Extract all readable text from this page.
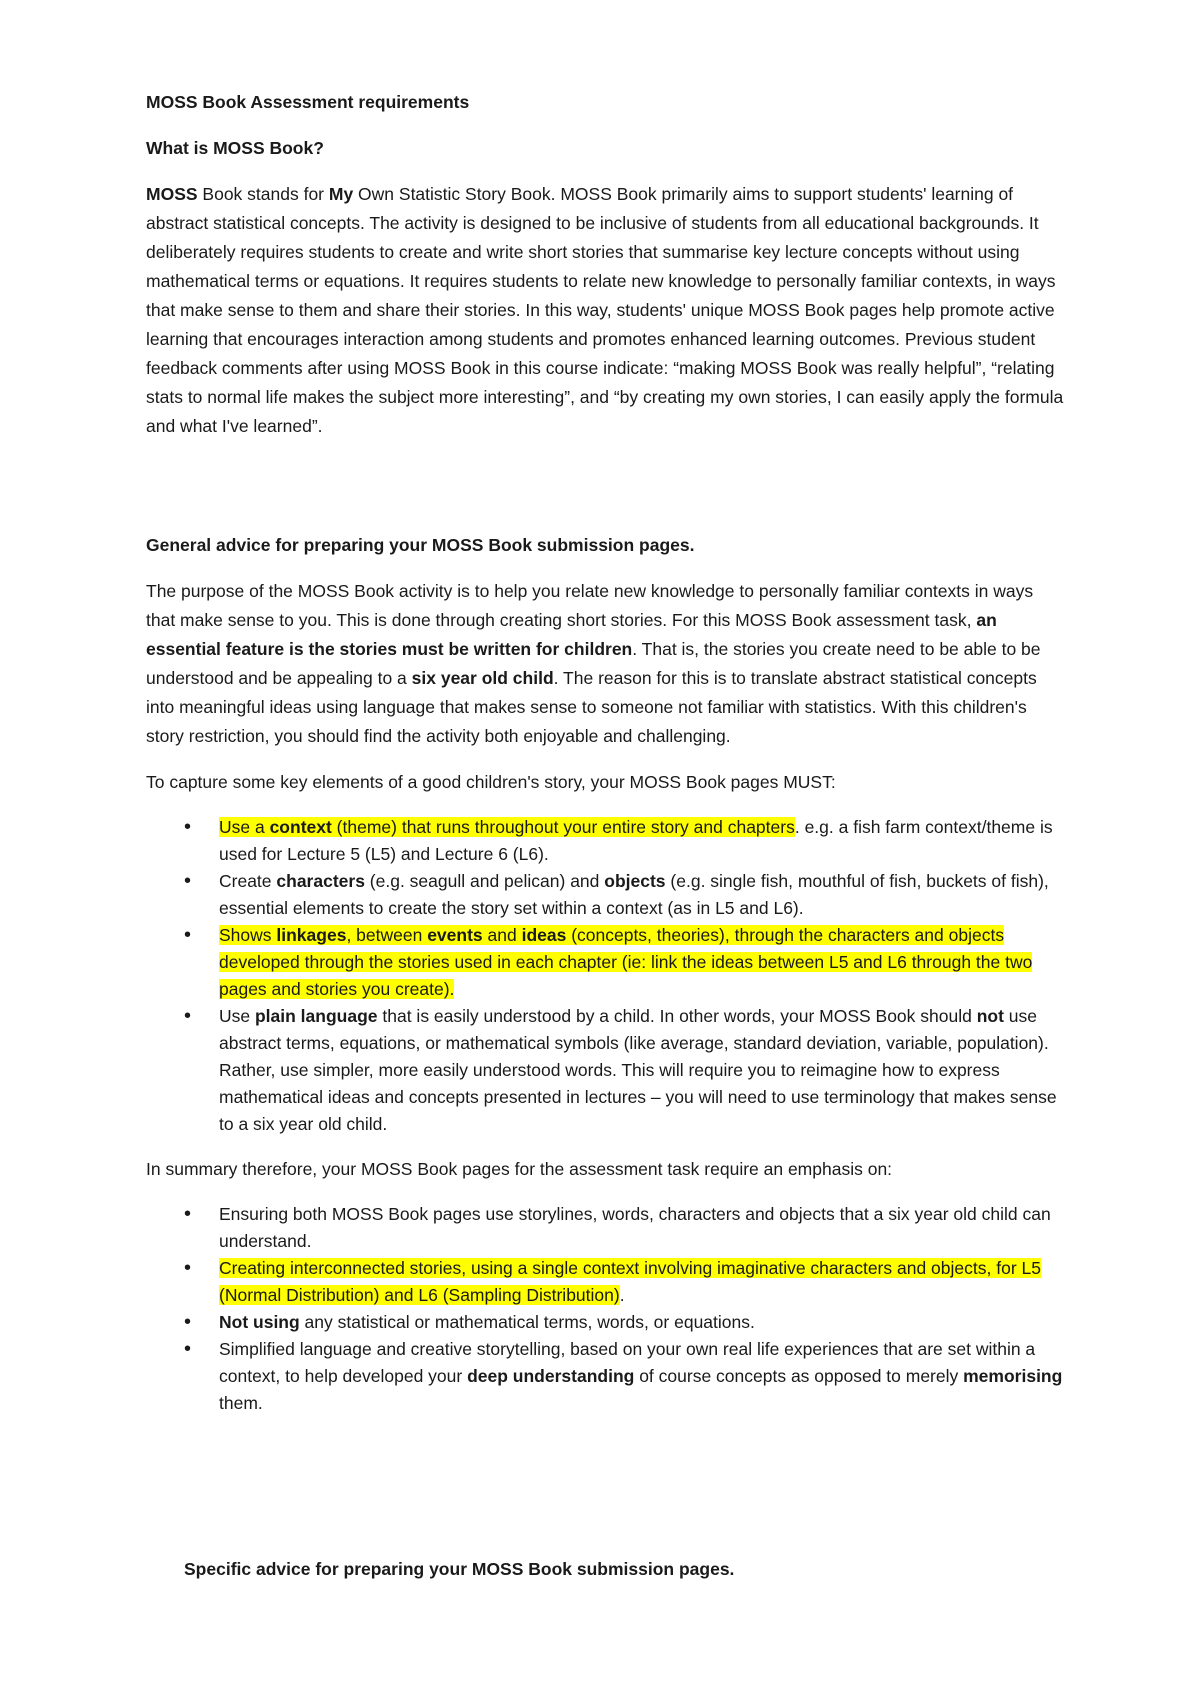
MOSS Book Assessment requirements

What is MOSS Book?

MOSS Book stands for My Own Statistic Story Book. MOSS Book primarily aims to support students' learning of abstract statistical concepts. The activity is designed to be inclusive of students from all educational backgrounds. It deliberately requires students to create and write short stories that summarise key lecture concepts without using mathematical terms or equations. It requires students to relate new knowledge to personally familiar contexts, in ways that make sense to them and share their stories. In this way, students' unique MOSS Book pages help promote active learning that encourages interaction among students and promotes enhanced learning outcomes. Previous student feedback comments after using MOSS Book in this course indicate: “making MOSS Book was really helpful”, “relating stats to normal life makes the subject more interesting”, and “by creating my own stories, I can easily apply the formula and what I've learned”.

General advice for preparing your MOSS Book submission pages.

The purpose of the MOSS Book activity is to help you relate new knowledge to personally familiar contexts in ways that make sense to you. This is done through creating short stories. For this MOSS Book assessment task, an essential feature is the stories must be written for children. That is, the stories you create need to be able to be understood and be appealing to a six year old child. The reason for this is to translate abstract statistical concepts into meaningful ideas using language that makes sense to someone not familiar with statistics. With this children's story restriction, you should find the activity both enjoyable and challenging.

To capture some key elements of a good children's story, your MOSS Book pages MUST:

• Use a context (theme) that runs throughout your entire story and chapters. e.g. a fish farm context/theme is used for Lecture 5 (L5) and Lecture 6 (L6).
• Create characters (e.g. seagull and pelican) and objects (e.g. single fish, mouthful of fish, buckets of fish), essential elements to create the story set within a context (as in L5 and L6).
• Shows linkages, between events and ideas (concepts, theories), through the characters and objects developed through the stories used in each chapter (ie: link the ideas between L5 and L6 through the two pages and stories you create).
• Use plain language that is easily understood by a child. In other words, your MOSS Book should not use abstract terms, equations, or mathematical symbols (like average, standard deviation, variable, population). Rather, use simpler, more easily understood words. This will require you to reimagine how to express mathematical ideas and concepts presented in lectures – you will need to use terminology that makes sense to a six year old child.

In summary therefore, your MOSS Book pages for the assessment task require an emphasis on:

• Ensuring both MOSS Book pages use storylines, words, characters and objects that a six year old child can understand.
• Creating interconnected stories, using a single context involving imaginative characters and objects, for L5 (Normal Distribution) and L6 (Sampling Distribution).
• Not using any statistical or mathematical terms, words, or equations.
• Simplified language and creative storytelling, based on your own real life experiences that are set within a context, to help developed your deep understanding of course concepts as opposed to merely memorising them.

Specific advice for preparing your MOSS Book submission pages.
